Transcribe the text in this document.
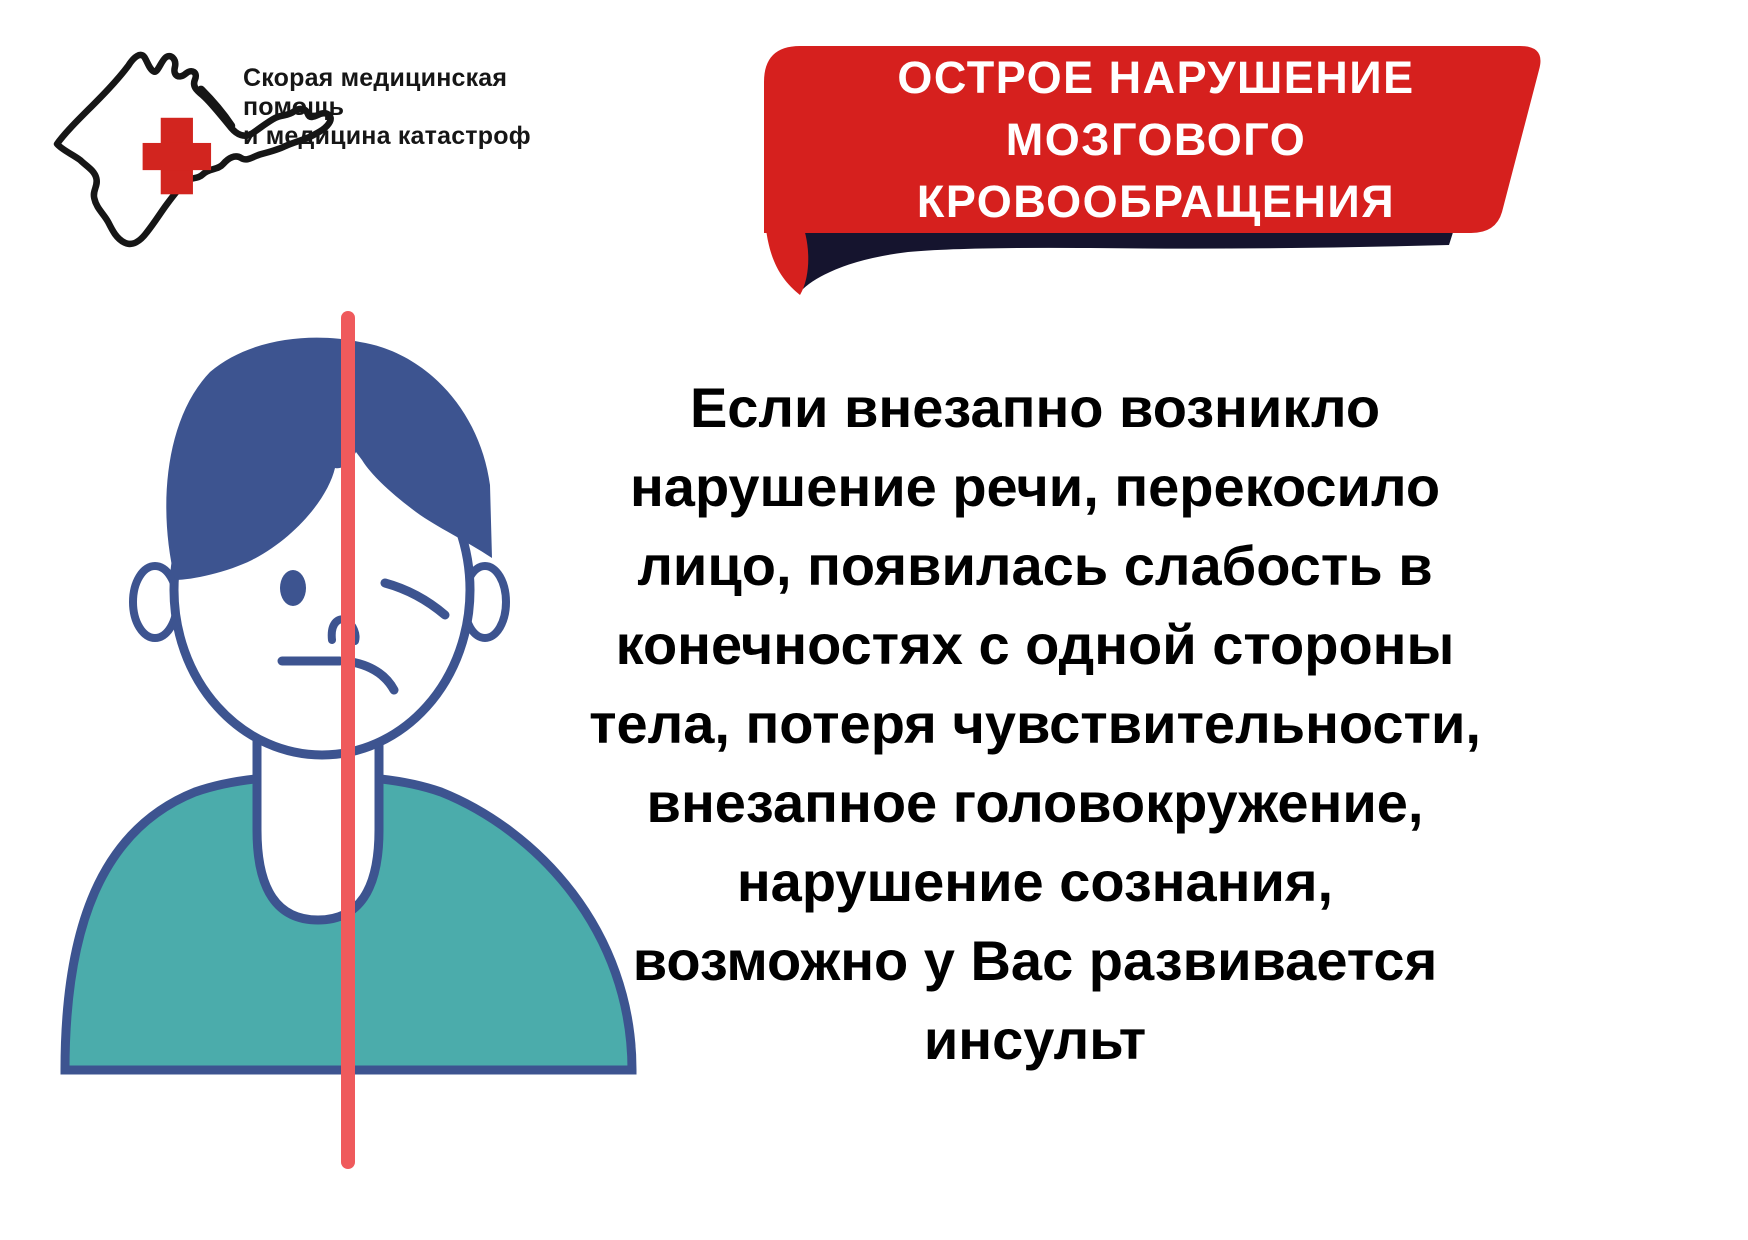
Скорая медицинская помощь
и медицина катастроф
ОСТРОЕ НАРУШЕНИЕ
МОЗГОВОГО
КРОВООБРАЩЕНИЯ
Если внезапно возникло
нарушение речи, перекосило
лицо, появилась слабость в
конечностях с одной стороны
тела, потеря чувствительности,
внезапное головокружение,
нарушение сознания,
возможно у Вас развивается
инсульт
